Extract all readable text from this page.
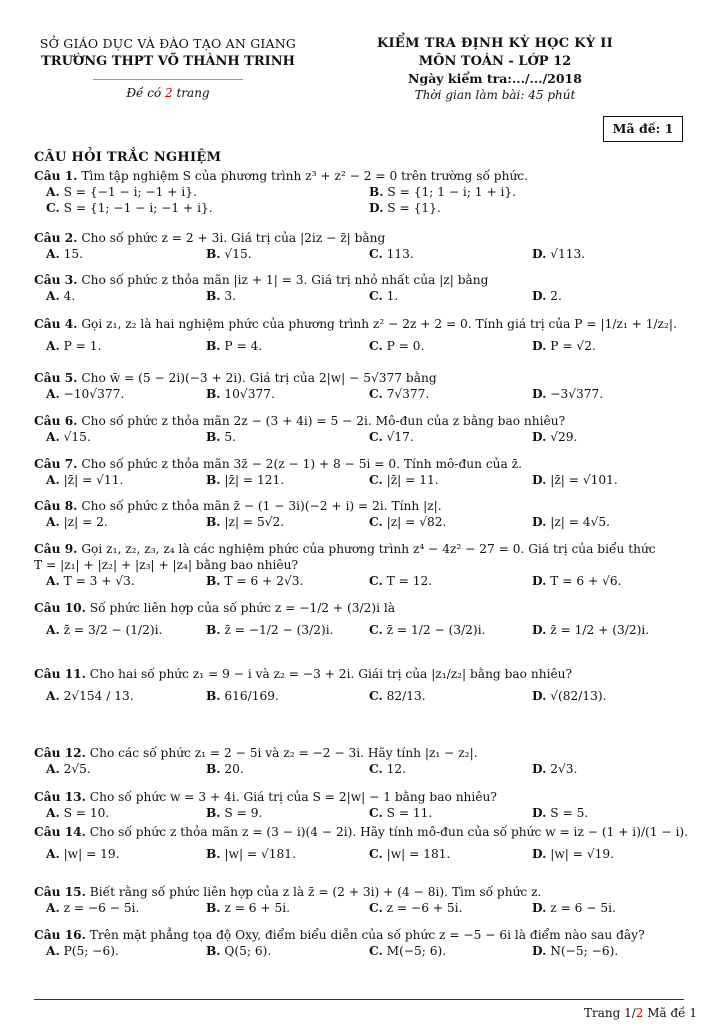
SỞ GIÁO DỤC VÀ ĐÀO TẠO AN GIANG
TRƯỜNG THPT VÕ THÀNH TRINH
Đề có 2 trang
KIỂM TRA ĐỊNH KỲ HỌC KỲ II
MÔN TOÁN - LỚP 12
Ngày kiểm tra:.../.../2018
Thời gian làm bài: 45 phút
Mã đề: 1
CÂU HỎI TRẮC NGHIỆM
Câu 1. Tìm tập nghiệm S của phương trình z³ + z² − 2 = 0 trên trường số phức.
A. S = {−1 − i; −1 + i}.	B. S = {1; 1 − i; 1 + i}.
C. S = {1; −1 − i; −1 + i}.	D. S = {1}.
Câu 2. Cho số phức z = 2 + 3i. Giá trị của |2iz − z̄| bằng
A. 15.	B. √15.	C. 113.	D. √113.
Câu 3. Cho số phức z thỏa mãn |iz + 1| = 3. Giá trị nhỏ nhất của |z| bằng
A. 4.	B. 3.	C. 1.	D. 2.
Câu 4. Gọi z₁, z₂ là hai nghiệm phức của phương trình z² − 2z + 2 = 0. Tính giá trị của P = |1/z₁ + 1/z₂|.
A. P = 1.	B. P = 4.	C. P = 0.	D. P = √2.
Câu 5. Cho w̄ = (5 − 2i)(−3 + 2i). Giá trị của 2|w| − 5√377 bằng
A. −10√377.	B. 10√377.	C. 7√377.	D. −3√377.
Câu 6. Cho số phức z thỏa mãn 2z − (3 + 4i) = 5 − 2i. Mô-đun của z bằng bao nhiêu?
A. √15.	B. 5.	C. √17.	D. √29.
Câu 7. Cho số phức z thỏa mãn 3z̄ − 2(z − 1) + 8 − 5i = 0. Tính mô-đun của z̄.
A. |z̄| = √11.	B. |z̄| = 121.	C. |z̄| = 11.	D. |z̄| = √101.
Câu 8. Cho số phức z thỏa mãn z̄ − (1 − 3i)(−2 + i) = 2i. Tính |z|.
A. |z| = 2.	B. |z| = 5√2.	C. |z| = √82.	D. |z| = 4√5.
Câu 9. Gọi z₁, z₂, z₃, z₄ là các nghiệm phức của phương trình z⁴ − 4z² − 27 = 0. Giá trị của biểu thức
T = |z₁| + |z₂| + |z₃| + |z₄| bằng bao nhiêu?
A. T = 3 + √3.	B. T = 6 + 2√3.	C. T = 12.	D. T = 6 + √6.
Câu 10. Số phức liên hợp của số phức z = −1/2 + (3/2)i là
A. z̄ = 3/2 − (1/2)i.	B. z̄ = −1/2 − (3/2)i.	C. z̄ = 1/2 − (3/2)i.	D. z̄ = 1/2 + (3/2)i.
Câu 11. Cho hai số phức z₁ = 9 − i và z₂ = −3 + 2i. Giái trị của |z₁/z₂| bằng bao nhiêu?
A. 2√154 / 13.	B. 616/169.	C. 82/13.	D. √(82/13).
Câu 12. Cho các số phức z₁ = 2 − 5i và z₂ = −2 − 3i. Hãy tính |z₁ − z₂|.
A. 2√5.	B. 20.	C. 12.	D. 2√3.
Câu 13. Cho số phức w = 3 + 4i. Giá trị của S = 2|w| − 1 bằng bao nhiêu?
A. S = 10.	B. S = 9.	C. S = 11.	D. S = 5.
Câu 14. Cho số phức z thỏa mãn z = (3 − i)(4 − 2i). Hãy tính mô-đun của số phức w = iz − (1 + i)/(1 − i).
A. |w| = 19.	B. |w| = √181.	C. |w| = 181.	D. |w| = √19.
Câu 15. Biết rằng số phức liên hợp của z là z̄ = (2 + 3i) + (4 − 8i). Tìm số phức z.
A. z = −6 − 5i.	B. z = 6 + 5i.	C. z = −6 + 5i.	D. z = 6 − 5i.
Câu 16. Trên mặt phẳng tọa độ Oxy, điểm biểu diễn của số phức z = −5 − 6i là điểm nào sau đây?
A. P(5; −6).	B. Q(5; 6).	C. M(−5; 6).	D. N(−5; −6).
Trang 1/2 Mã đề 1
